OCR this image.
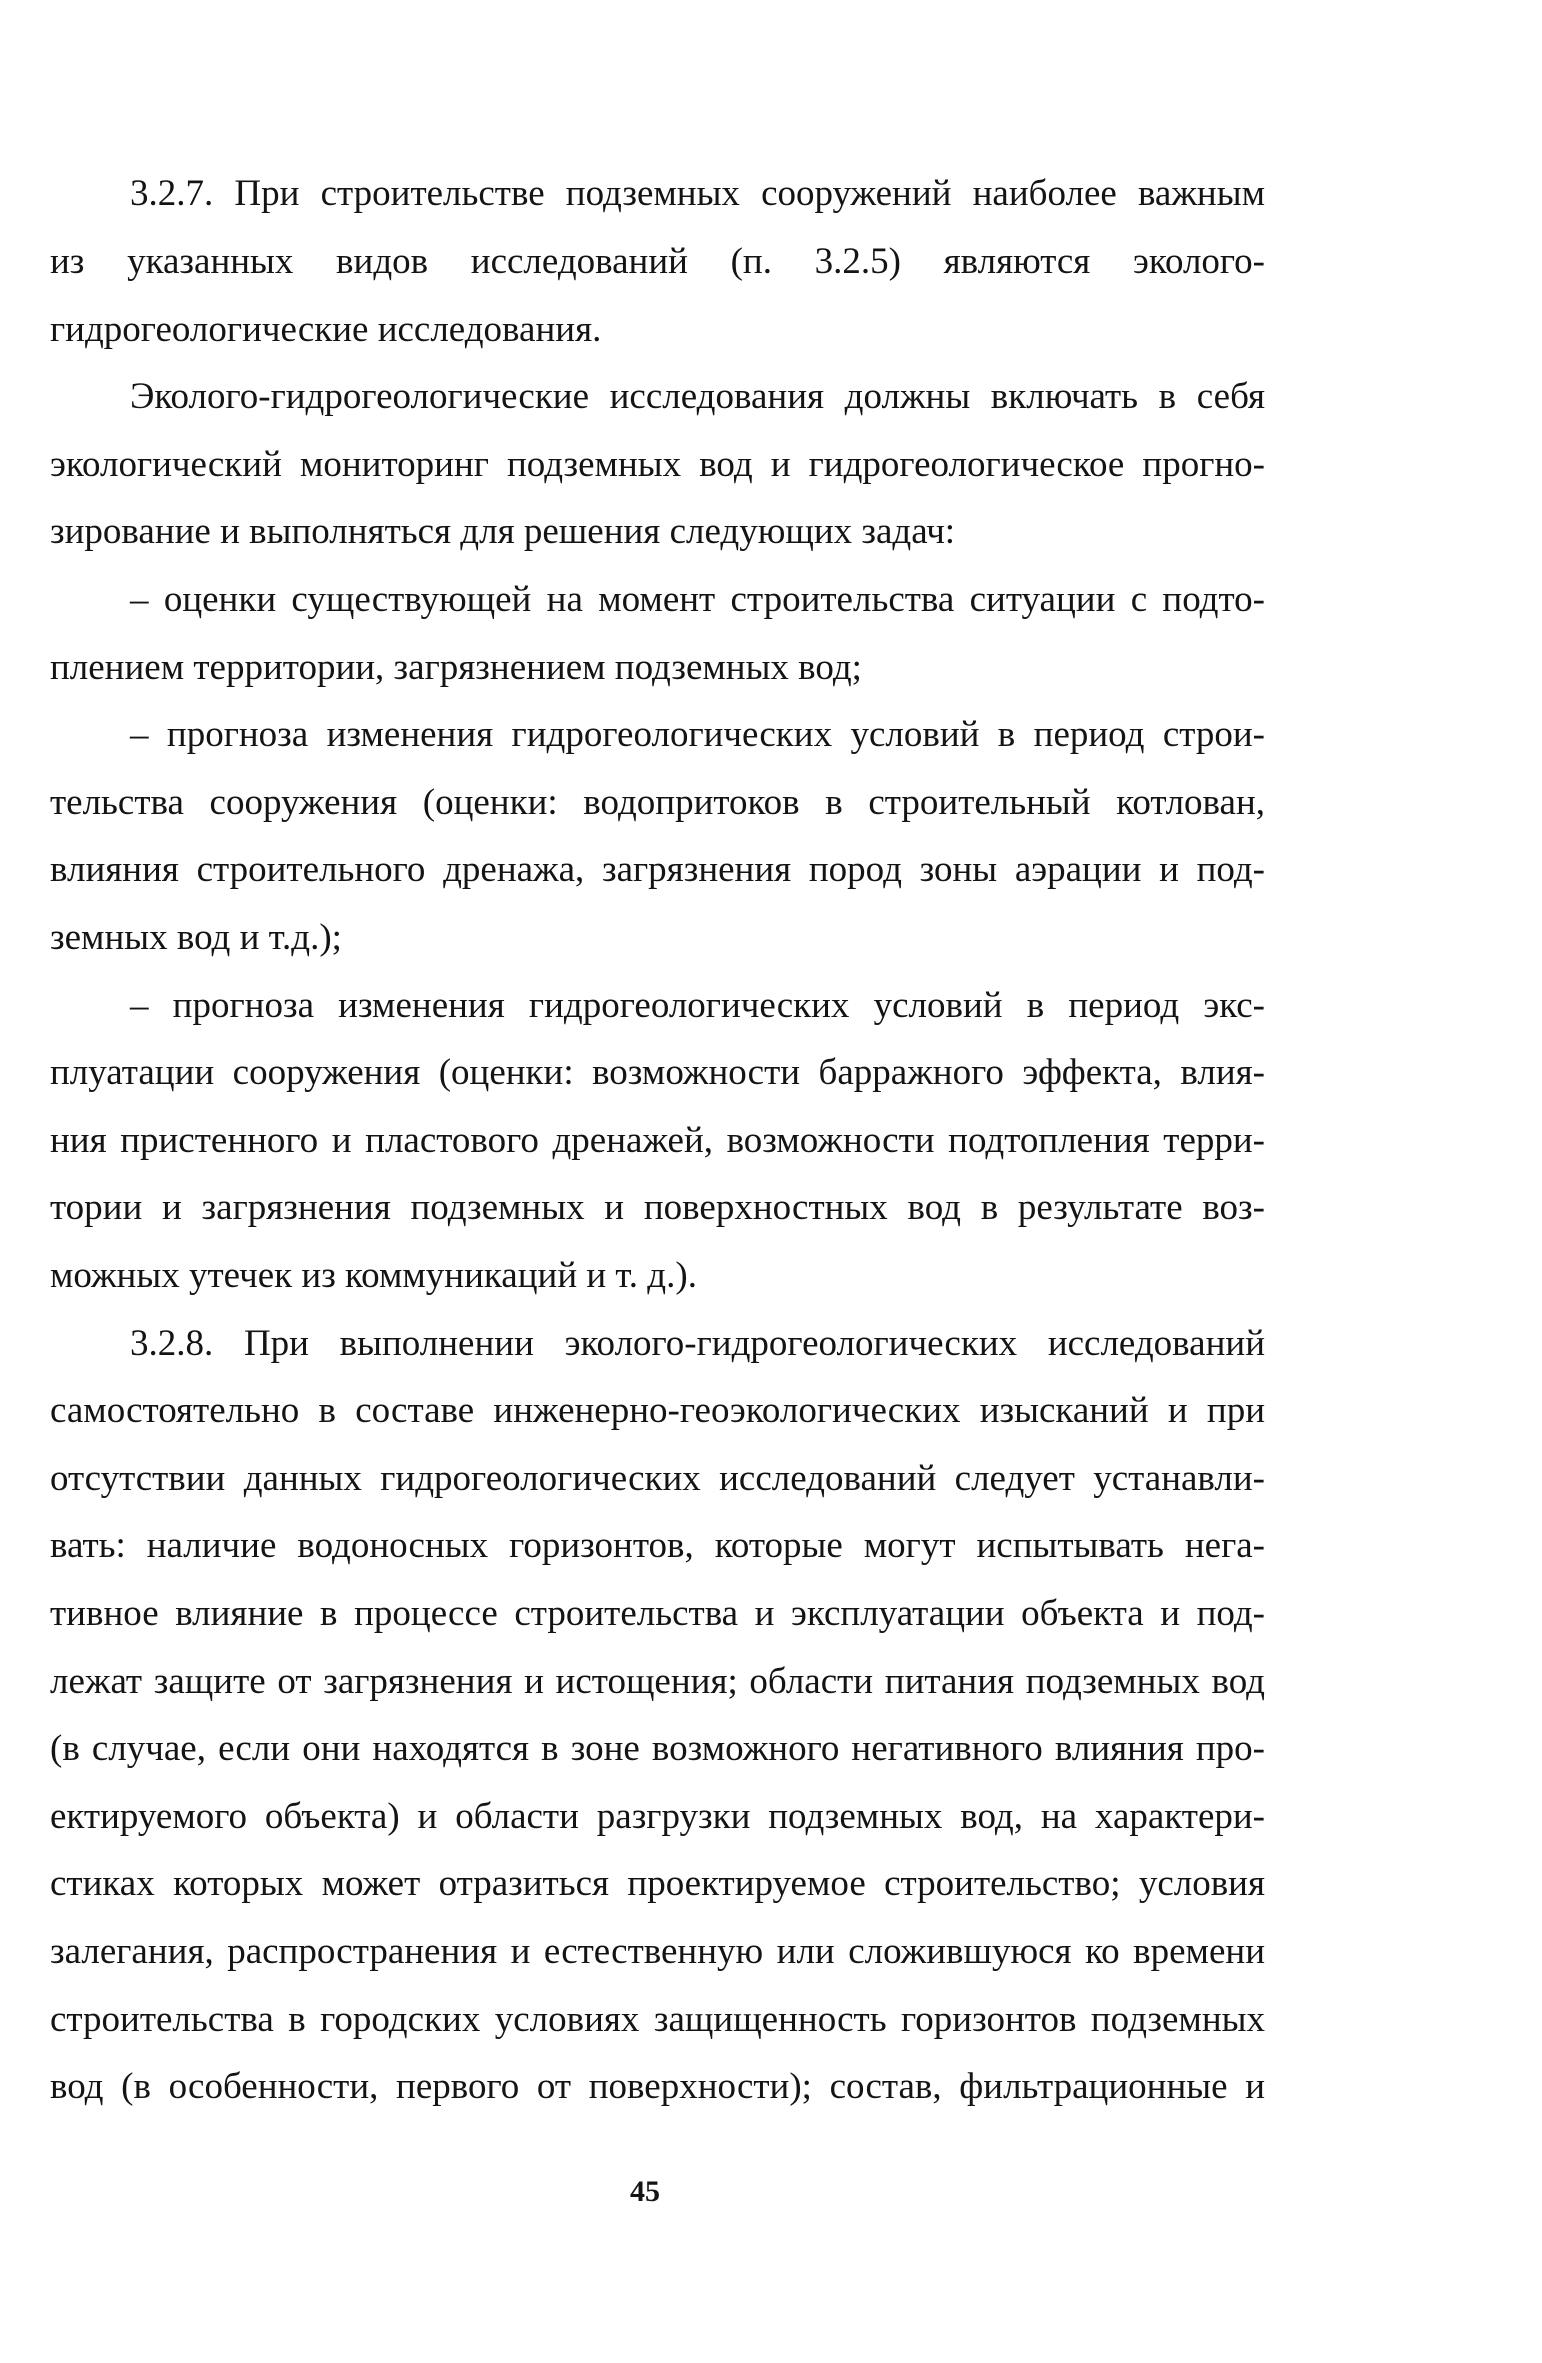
3.2.7. При строительстве подземных сооружений наиболее важным

из указанных видов исследований (п. 3.2.5) являются эколого-

гидрогеологические исследования.

Эколого-гидрогеологические исследования должны включать в себя

экологический мониторинг подземных вод и гидрогеологическое прогно-

зирование и выполняться для решения следующих задач:

– оценки существующей на момент строительства ситуации с подто-

плением территории, загрязнением подземных вод;

– прогноза изменения гидрогеологических условий в период строи-

тельства сооружения (оценки: водопритоков в строительный котлован,

влияния строительного дренажа, загрязнения пород зоны аэрации и под-

земных вод и т.д.);

– прогноза изменения гидрогеологических условий в период экс-

плуатации сооружения (оценки: возможности барражного эффекта, влия-

ния пристенного и пластового дренажей, возможности подтопления терри-

тории и загрязнения подземных и поверхностных вод в результате воз-

можных утечек из коммуникаций и т. д.).

3.2.8. При выполнении эколого-гидрогеологических исследований

самостоятельно в составе инженерно-геоэкологических изысканий и при

отсутствии данных гидрогеологических исследований следует устанавли-

вать: наличие водоносных горизонтов, которые могут испытывать нега-

тивное влияние в процессе строительства и эксплуатации объекта и под-

лежат защите от загрязнения и истощения; области питания подземных вод

(в случае, если они находятся в зоне возможного негативного влияния про-

ектируемого объекта) и области разгрузки подземных вод, на характери-

стиках которых может отразиться проектируемое строительство; условия

залегания, распространения и естественную или сложившуюся ко времени

строительства в городских условиях защищенность горизонтов подземных

вод (в особенности, первого от поверхности); состав, фильтрационные и

45
